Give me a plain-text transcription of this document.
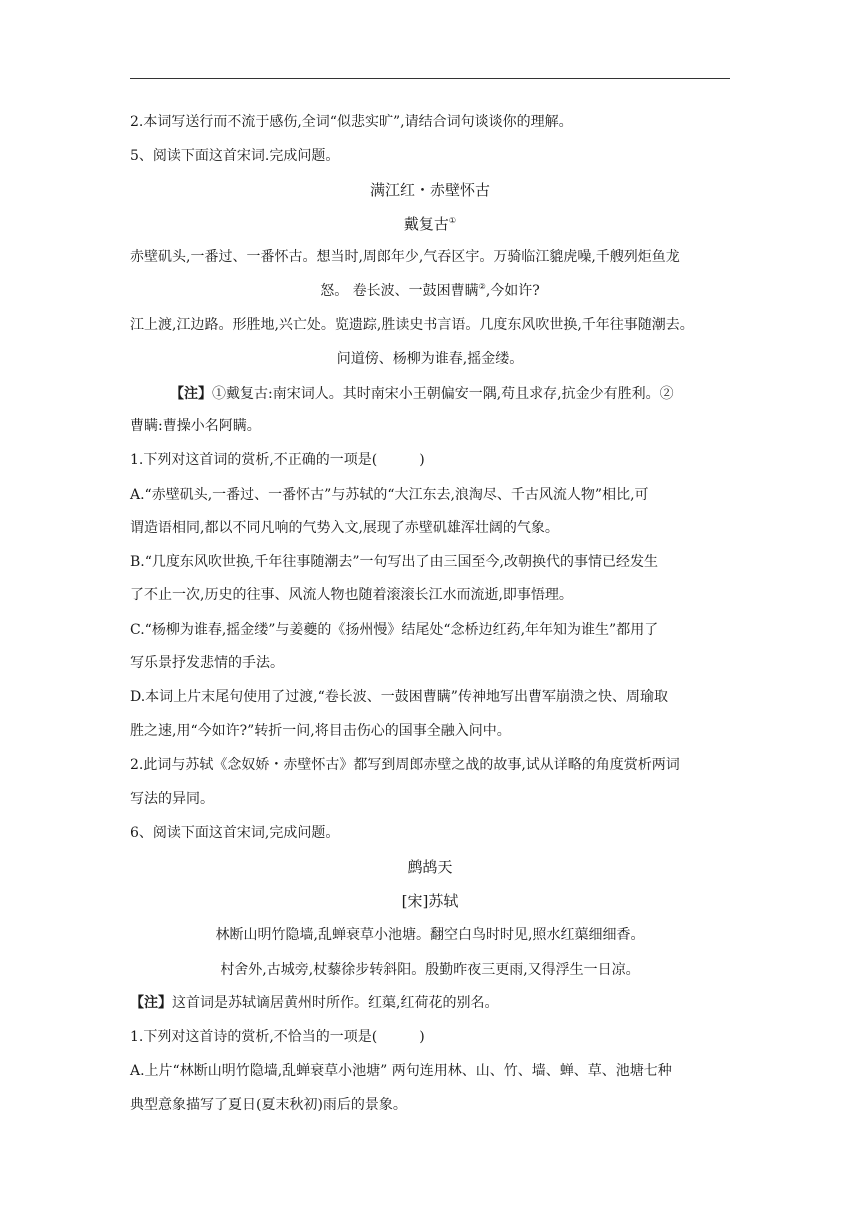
2.本词写送行而不流于感伤,全词“似悲实旷”,请结合词句谈谈你的理解。
5、阅读下面这首宋词.完成问题。
满江红・赤壁怀古
戴复古①
赤壁矶头,一番过、一番怀古。想当时,周郎年少,气吞区宇。万骑临江貔虎噪,千艘列炬鱼龙
怒。 卷长波、一鼓困曹瞒②,今如许?
江上渡,江边路。形胜地,兴亡处。览遗踪,胜读史书言语。几度东风吹世换,千年往事随潮去。
问道傍、杨柳为谁春,摇金缕。
【注】①戴复古:南宋词人。其时南宋小王朝偏安一隅,苟且求存,抗金少有胜利。②
曹瞒:曹操小名阿瞒。
1.下列对这首词的赏析,不正确的一项是(　　　)
A.“赤壁矶头,一番过、一番怀古”与苏轼的“大江东去,浪淘尽、千古风流人物”相比,可
谓造语相同,都以不同凡响的气势入文,展现了赤壁矶雄浑壮阔的气象。
B.“几度东风吹世换,千年往事随潮去”一句写出了由三国至今,改朝换代的事情已经发生
了不止一次,历史的往事、风流人物也随着滚滚长江水而流逝,即事悟理。
C.“杨柳为谁春,摇金缕”与姜夔的《扬州慢》结尾处“念桥边红药,年年知为谁生”都用了
写乐景抒发悲情的手法。
D.本词上片末尾句使用了过渡,“卷长波、一鼓困曹瞒”传神地写出曹军崩溃之快、周瑜取
胜之速,用“今如许?”转折一问,将目击伤心的国事全融入问中。
2.此词与苏轼《念奴娇・赤壁怀古》都写到周郎赤壁之战的故事,试从详略的角度赏析两词
写法的异同。
6、阅读下面这首宋词,完成问题。
鹧鸪天
[宋]苏轼
林断山明竹隐墙,乱蝉衰草小池塘。翻空白鸟时时见,照水红蕖细细香。
村舍外,古城旁,杖藜徐步转斜阳。殷勤昨夜三更雨,又得浮生一日凉。
【注】这首词是苏轼谪居黄州时所作。红蕖,红荷花的别名。
1.下列对这首诗的赏析,不恰当的一项是(　　　)
A.上片“林断山明竹隐墙,乱蝉衰草小池塘” 两句连用林、山、竹、墙、蝉、草、池塘七种
典型意象描写了夏日(夏末秋初)雨后的景象。
